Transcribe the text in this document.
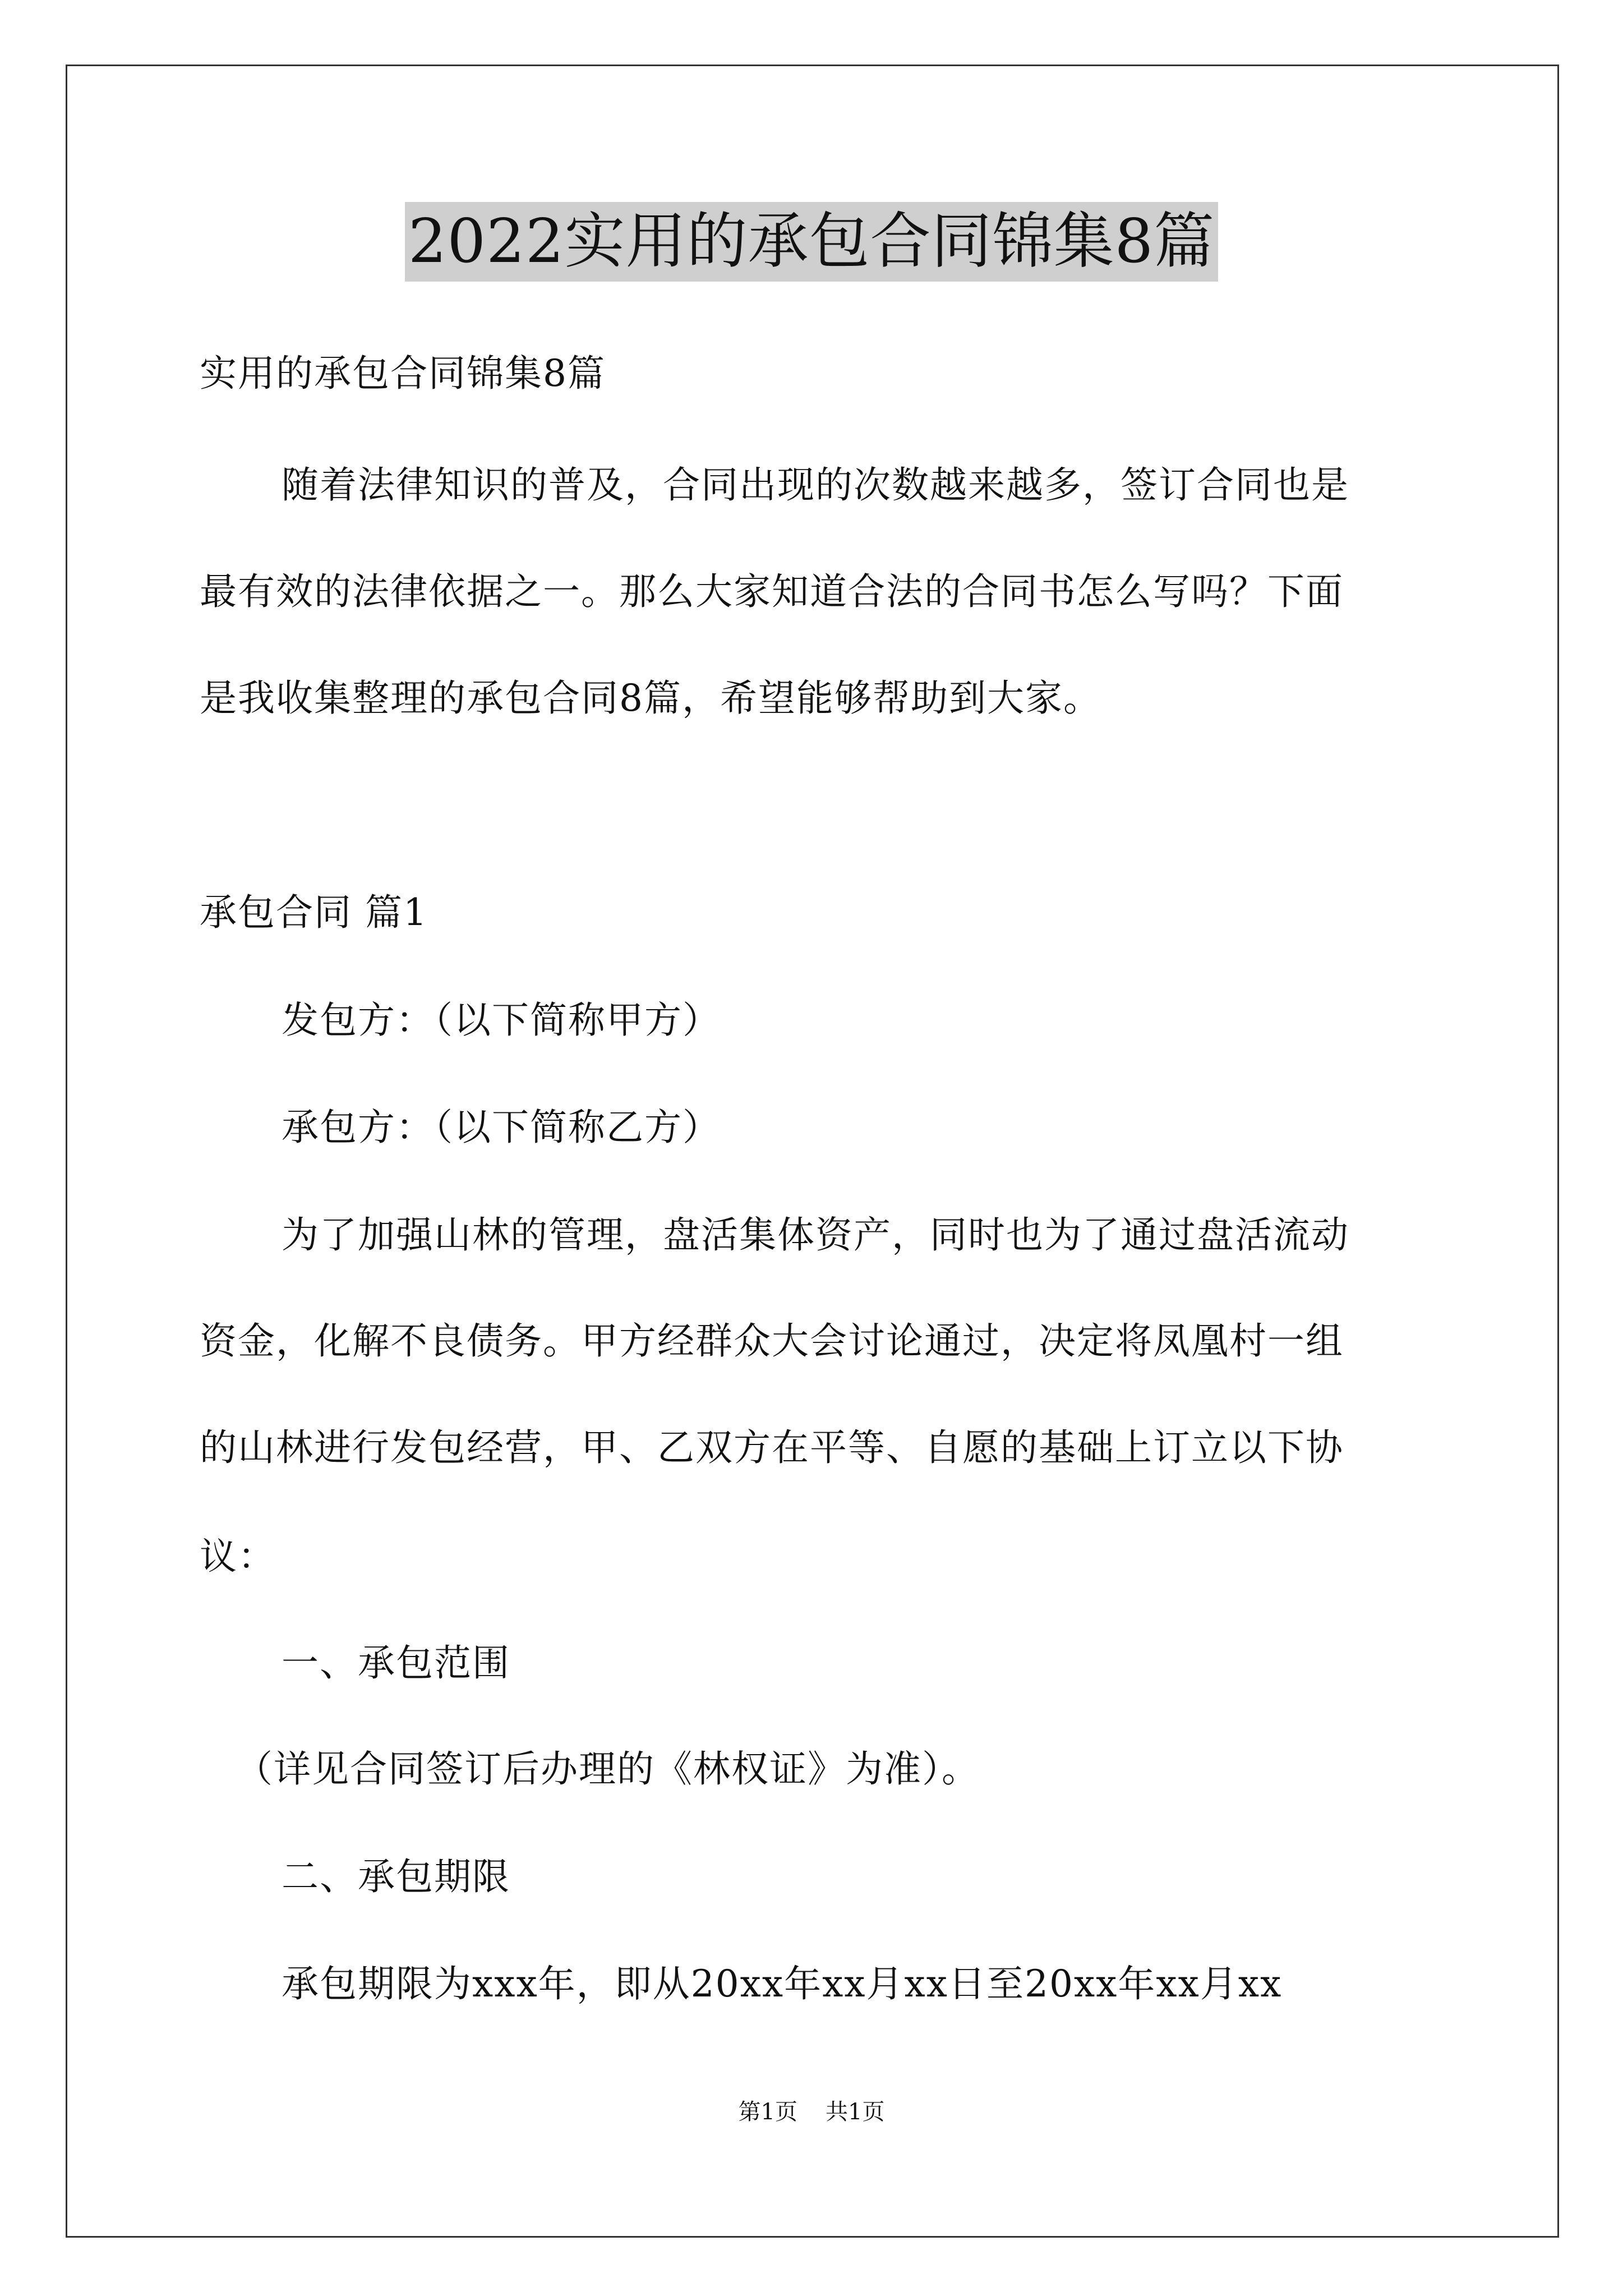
2022实用的承包合同锦集8篇
实用的承包合同锦集8篇
随着法律知识的普及，合同出现的次数越来越多，签订合同也是
最有效的法律依据之一。那么大家知道合法的合同书怎么写吗？下面
是我收集整理的承包合同8篇，希望能够帮助到大家。
承包合同 篇1
发包方：（以下简称甲方）
承包方：（以下简称乙方）
为了加强山林的管理，盘活集体资产，同时也为了通过盘活流动
资金，化解不良债务。甲方经群众大会讨论通过，决定将凤凰村一组
的山林进行发包经营，甲、乙双方在平等、自愿的基础上订立以下协
议：
一、承包范围
（详见合同签订后办理的《林权证》为准）。
二、承包期限
承包期限为xxx年，即从20xx年xx月xx日至20xx年xx月xx
第1页 共1页
